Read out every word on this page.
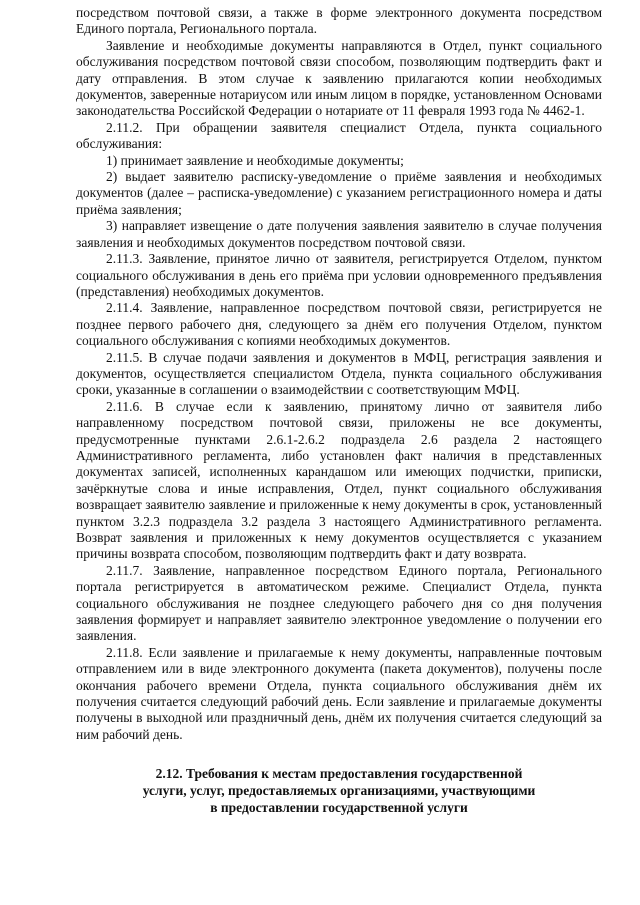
посредством почтовой связи, а также в форме электронного документа посредством Единого портала, Регионального портала.

Заявление и необходимые документы направляются в Отдел, пункт социального обслуживания посредством почтовой связи способом, позволяющим подтвердить факт и дату отправления. В этом случае к заявлению прилагаются копии необходимых документов, заверенные нотариусом или иным лицом в порядке, установленном Основами законодательства Российской Федерации о нотариате от 11 февраля 1993 года № 4462-1.

2.11.2. При обращении заявителя специалист Отдела, пункта социального обслуживания:

1) принимает заявление и необходимые документы;

2) выдает заявителю расписку-уведомление о приёме заявления и необходимых документов (далее – расписка-уведомление) с указанием регистрационного номера и даты приёма заявления;

3) направляет извещение о дате получения заявления заявителю в случае получения заявления и необходимых документов посредством почтовой связи.

2.11.3. Заявление, принятое лично от заявителя, регистрируется Отделом, пунктом социального обслуживания в день его приёма при условии одновременного предъявления (представления) необходимых документов.

2.11.4. Заявление, направленное посредством почтовой связи, регистрируется не позднее первого рабочего дня, следующего за днём его получения Отделом, пунктом социального обслуживания с копиями необходимых документов.

2.11.5. В случае подачи заявления и документов в МФЦ, регистрация заявления и документов, осуществляется специалистом Отдела, пункта социального обслуживания сроки, указанные в соглашении о взаимодействии с соответствующим МФЦ.

2.11.6. В случае если к заявлению, принятому лично от заявителя либо направленному посредством почтовой связи, приложены не все документы, предусмотренные пунктами 2.6.1-2.6.2 подраздела 2.6 раздела 2 настоящего Административного регламента, либо установлен факт наличия в представленных документах записей, исполненных карандашом или имеющих подчистки, приписки, зачёркнутые слова и иные исправления, Отдел, пункт социального обслуживания возвращает заявителю заявление и приложенные к нему документы в срок, установленный пунктом 3.2.3 подраздела 3.2 раздела 3 настоящего Административного регламента. Возврат заявления и приложенных к нему документов осуществляется с указанием причины возврата способом, позволяющим подтвердить факт и дату возврата.

2.11.7. Заявление, направленное посредством Единого портала, Регионального портала регистрируется в автоматическом режиме. Специалист Отдела, пункта социального обслуживания не позднее следующего рабочего дня со дня получения заявления формирует и направляет заявителю электронное уведомление о получении его заявления.

2.11.8. Если заявление и прилагаемые к нему документы, направленные почтовым отправлением или в виде электронного документа (пакета документов), получены после окончания рабочего времени Отдела, пункта социального обслуживания днём их получения считается следующий рабочий день. Если заявление и прилагаемые документы получены в выходной или праздничный день, днём их получения считается следующий за ним рабочий день.

2.12. Требования к местам предоставления государственной
услуги, услуг, предоставляемых организациями, участвующими
в предоставлении государственной услуги
